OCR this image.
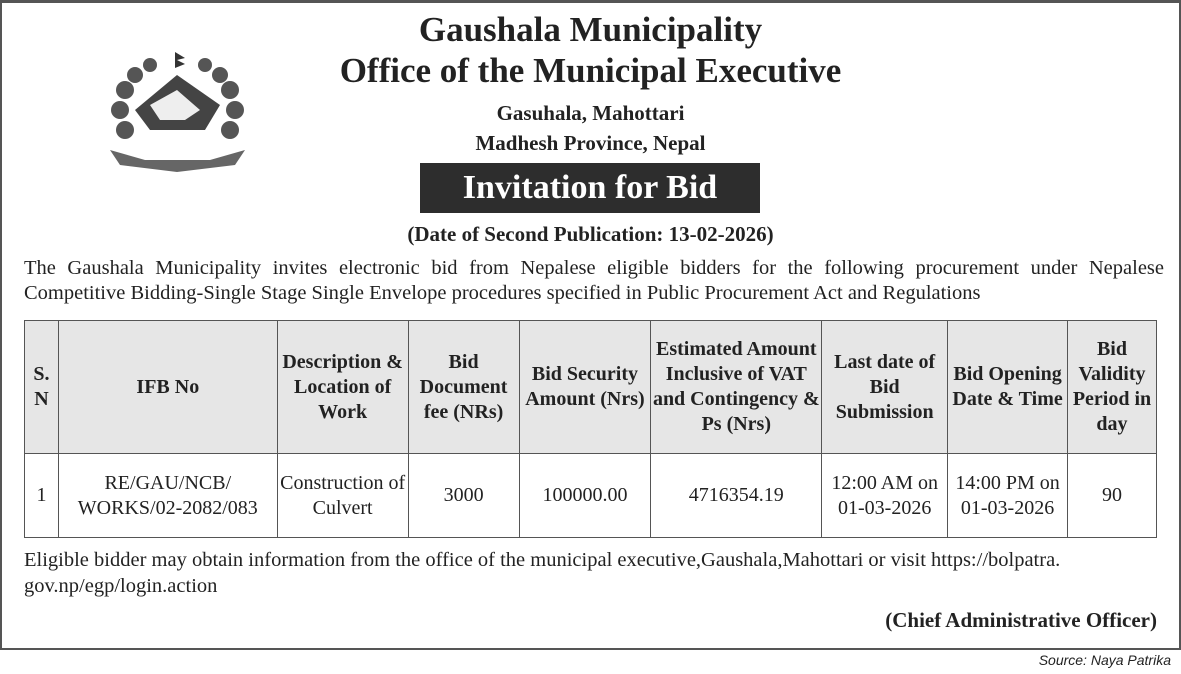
Gaushala Municipality
Office of the Municipal Executive
Gasuhala, Mahottari
Madhesh Province, Nepal
Invitation for Bid
(Date of Second Publication: 13-02-2026)
The Gaushala Municipality invites electronic bid from Nepalese eligible bidders for the following procurement under Nepalese Competitive Bidding-Single Stage Single Envelope procedures specified in Public Procurement Act and Regulations
S. N	IFB No	Description & Location of Work	Bid Document fee (NRs)	Bid Security Amount (Nrs)	Estimated Amount Inclusive of VAT and Contingency & Ps (Nrs)	Last date of Bid Submission	Bid Opening Date & Time	Bid Validity Period in day
1	RE/GAU/NCB/ WORKS/02-2082/083	Construction of Culvert	3000	100000.00	4716354.19	12:00 AM on 01-03-2026	14:00 PM on 01-03-2026	90
Eligible bidder may obtain information from the office of the municipal executive,Gaushala,Mahottari or visit https://bolpatra. gov.np/egp/login.action
(Chief Administrative Officer)
Source: Naya Patrika
